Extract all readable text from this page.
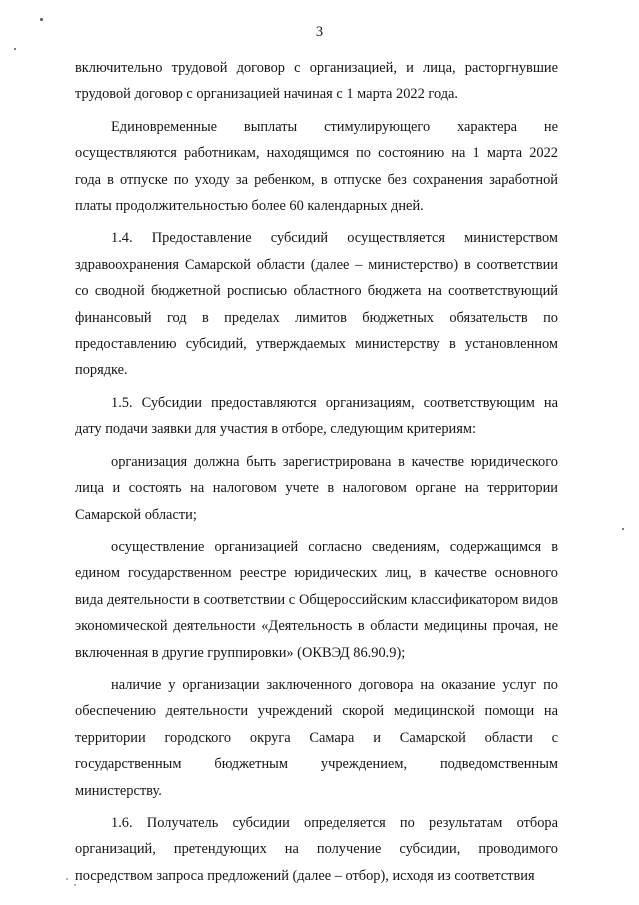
3

включительно трудовой договор с организацией, и лица, расторгнувшие трудовой договор с организацией начиная с 1 марта 2022 года.

Единовременные выплаты стимулирующего характера не осуществляются работникам, находящимся по состоянию на 1 марта 2022 года в отпуске по уходу за ребенком, в отпуске без сохранения заработной платы продолжительностью более 60 календарных дней.

1.4. Предоставление субсидий осуществляется министерством здравоохранения Самарской области (далее – министерство) в соответствии со сводной бюджетной росписью областного бюджета на соответствующий финансовый год в пределах лимитов бюджетных обязательств по предоставлению субсидий, утверждаемых министерству в установленном порядке.

1.5. Субсидии предоставляются организациям, соответствующим на дату подачи заявки для участия в отборе, следующим критериям:

организация должна быть зарегистрирована в качестве юридического лица и состоять на налоговом учете в налоговом органе на территории Самарской области;

осуществление организацией согласно сведениям, содержащимся в едином государственном реестре юридических лиц, в качестве основного вида деятельности в соответствии с Общероссийским классификатором видов экономической деятельности «Деятельность в области медицины прочая, не включенная в другие группировки» (ОКВЭД 86.90.9);

наличие у организации заключенного договора на оказание услуг по обеспечению деятельности учреждений скорой медицинской помощи на территории городского округа Самара и Самарской области с государственным бюджетным учреждением, подведомственным министерству.

1.6. Получатель субсидии определяется по результатам отбора организаций, претендующих на получение субсидии, проводимого посредством запроса предложений (далее – отбор), исходя из соответствия
